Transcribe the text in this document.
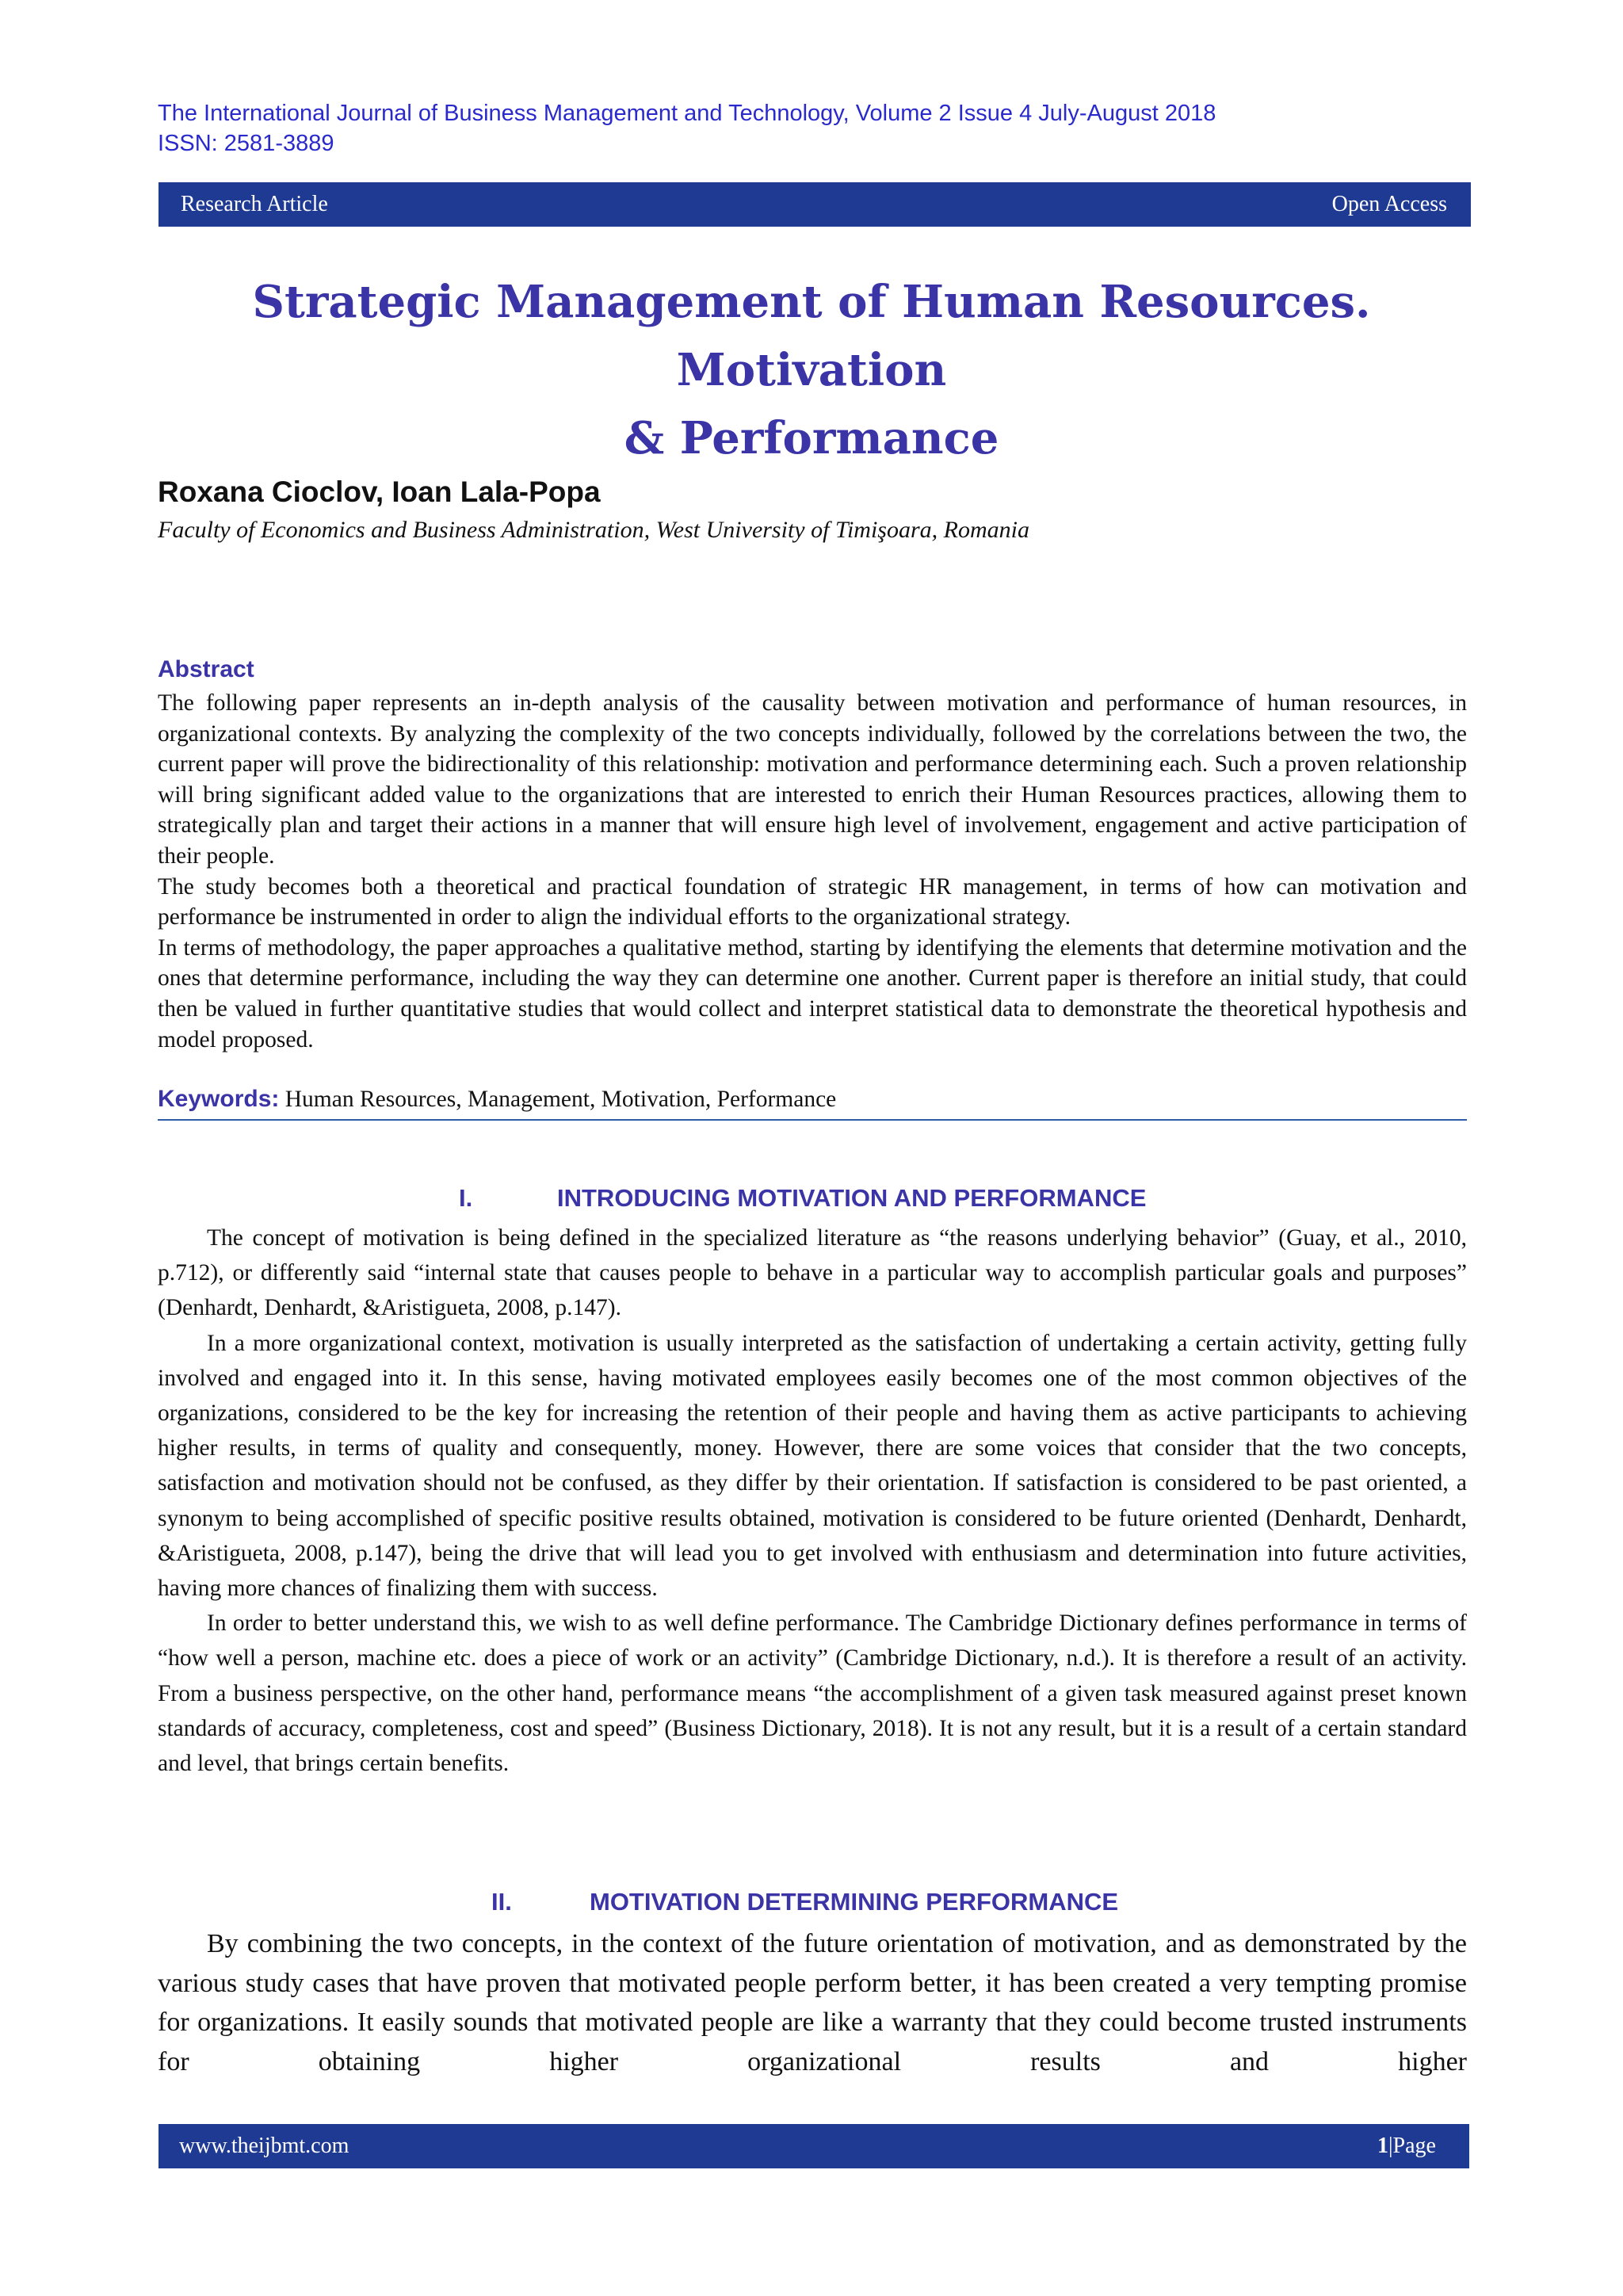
The International Journal of Business Management and Technology, Volume 2 Issue 4 July-August 2018
ISSN: 2581-3889
Research Article	Open Access
Strategic Management of Human Resources. Motivation
& Performance
Roxana Cioclov, Ioan Lala-Popa
Faculty of Economics and Business Administration, West University of Timişoara, Romania
Abstract

The following paper represents an in-depth analysis of the causality between motivation and performance of human resources, in organizational contexts. By analyzing the complexity of the two concepts individually, followed by the correlations between the two, the current paper will prove the bidirectionality of this relationship: motivation and performance determining each. Such a proven relationship will bring significant added value to the organizations that are interested to enrich their Human Resources practices, allowing them to strategically plan and target their actions in a manner that will ensure high level of involvement, engagement and active participation of their people.

The study becomes both a theoretical and practical foundation of strategic HR management, in terms of how can motivation and performance be instrumented in order to align the individual efforts to the organizational strategy.

In terms of methodology, the paper approaches a qualitative method, starting by identifying the elements that determine motivation and the ones that determine performance, including the way they can determine one another. Current paper is therefore an initial study, that could then be valued in further quantitative studies that would collect and interpret statistical data to demonstrate the theoretical hypothesis and model proposed.

Keywords: Human Resources, Management, Motivation, Performance
I.	INTRODUCING MOTIVATION AND PERFORMANCE

The concept of motivation is being defined in the specialized literature as “the reasons underlying behavior” (Guay, et al., 2010, p.712), or differently said “internal state that causes people to behave in a particular way to accomplish particular goals and purposes” (Denhardt, Denhardt, &Aristigueta, 2008, p.147).

In a more organizational context, motivation is usually interpreted as the satisfaction of undertaking a certain activity, getting fully involved and engaged into it. In this sense, having motivated employees easily becomes one of the most common objectives of the organizations, considered to be the key for increasing the retention of their people and having them as active participants to achieving higher results, in terms of quality and consequently, money. However, there are some voices that consider that the two concepts, satisfaction and motivation should not be confused, as they differ by their orientation. If satisfaction is considered to be past oriented, a synonym to being accomplished of specific positive results obtained, motivation is considered to be future oriented (Denhardt, Denhardt, &Aristigueta, 2008, p.147), being the drive that will lead you to get involved with enthusiasm and determination into future activities, having more chances of finalizing them with success.

In order to better understand this, we wish to as well define performance. The Cambridge Dictionary defines performance in terms of “how well a person, machine etc. does a piece of work or an activity” (Cambridge Dictionary, n.d.). It is therefore a result of an activity. From a business perspective, on the other hand, performance means “the accomplishment of a given task measured against preset known standards of accuracy, completeness, cost and speed” (Business Dictionary, 2018). It is not any result, but it is a result of a certain standard and level, that brings certain benefits.

II.	MOTIVATION DETERMINING PERFORMANCE

By combining the two concepts, in the context of the future orientation of motivation, and as demonstrated by the various study cases that have proven that motivated people perform better, it has been created a very tempting promise for organizations. It easily sounds that motivated people are like a warranty that they could become trusted instruments for obtaining higher organizational results and higher

www.theijbmt.com	1|Page
